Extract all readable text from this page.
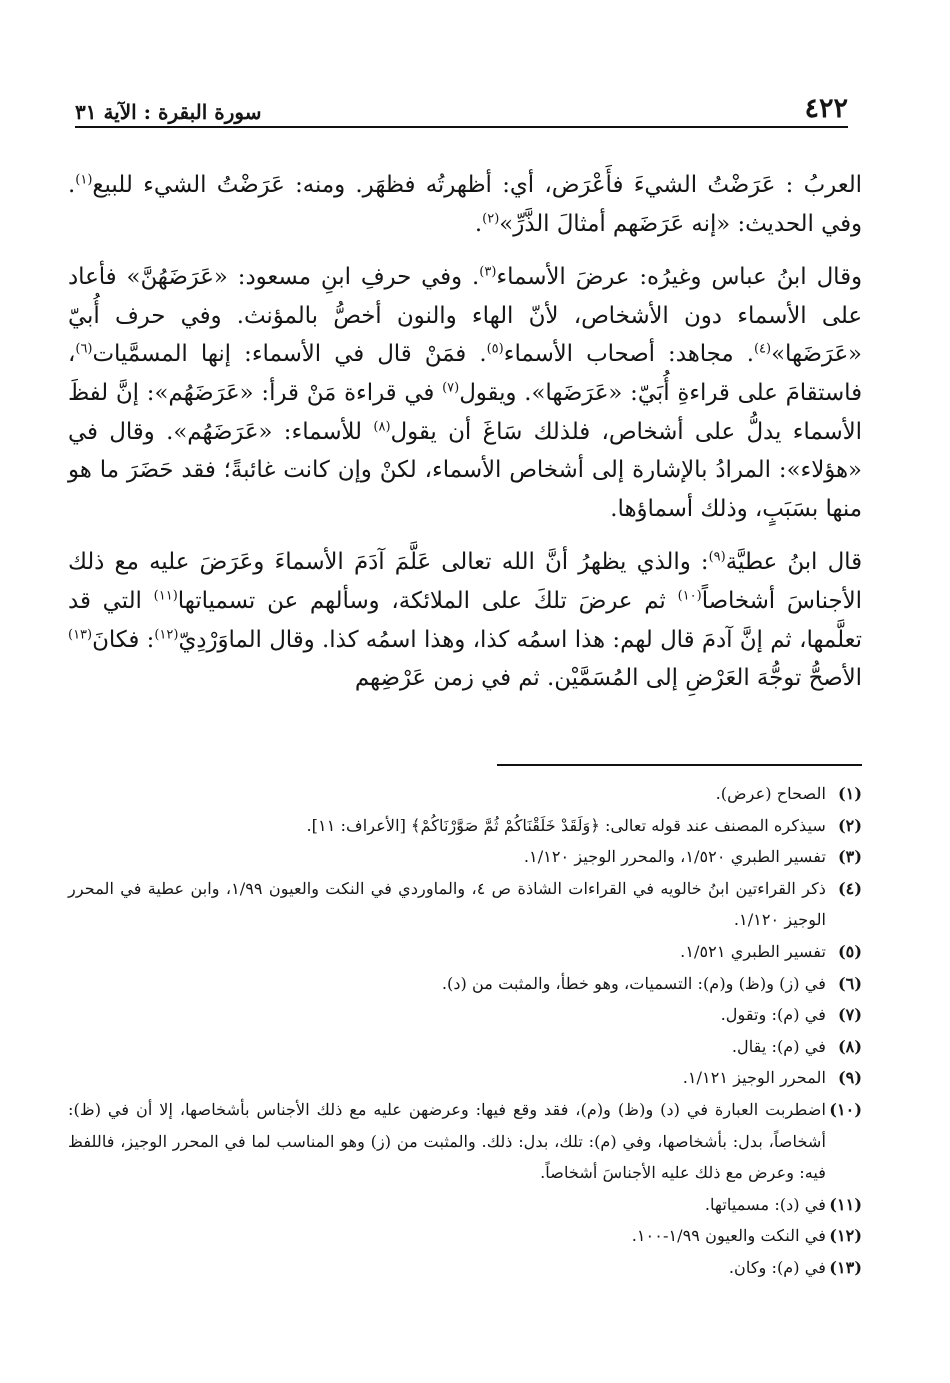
٤٢٢
سورة البقرة : الآية ٣١

العربُ : عَرَضْتُ الشيءَ فأَعْرَض، أي: أظهرتُه فظهَر. ومنه: عَرَضْتُ الشيء للبيع$^{(١)}$. وفي الحديث: «إنه عَرَضَهم أمثالَ الذَّرِّ»$^{(٢)}$.

وقال ابنُ عباس وغيرُه: عرضَ الأسماء$^{(٣)}$. وفي حرفِ ابنِ مسعود: «عَرَضَهُنَّ» فأعاد على الأسماء دون الأشخاص، لأنّ الهاء والنون أخصُّ بالمؤنث. وفي حرف أُبيّ «عَرَضَها»$^{(٤)}$. مجاهد: أصحاب الأسماء$^{(٥)}$. فمَنْ قال في الأسماء: إنها المسمَّيات$^{(٦)}$، فاستقامَ على قراءةِ أُبَيّ: «عَرَضَها». ويقول$^{(٧)}$ في قراءة مَنْ قرأ: «عَرَضَهُم»: إنَّ لفظَ الأسماء يدلُّ على أشخاص، فلذلك سَاغَ أن يقول$^{(٨)}$ للأسماء: «عَرَضَهُم». وقال في «هؤلاء»: المرادُ بالإشارة إلى أشخاص الأسماء، لكنْ وإن كانت غائبةً؛ فقد حَضَرَ ما هو منها بسَبَبٍ، وذلك أسماؤها.

قال ابنُ عطيَّة$^{(٩)}$: والذي يظهرُ أنَّ الله تعالى عَلَّمَ آدَمَ الأسماءَ وعَرَضَ عليه مع ذلك الأجناسَ أشخاصاً$^{(١٠)}$ ثم عرضَ تلكَ على الملائكة، وسألهم عن تسمياتها$^{(١١)}$ التي قد تعلَّمها، ثم إنَّ آدمَ قال لهم: هذا اسمُه كذا، وهذا اسمُه كذا. وقال الماوَرْدِيّ$^{(١٢)}$: فكانَ$^{(١٣)}$ الأصحُّ توجُّهَ العَرْضِ إلى المُسَمَّيْن. ثم في زمن عَرْضِهم

(١)
الصحاح (عرض).
(٢)
سيذكره المصنف عند قوله تعالى: ﴿وَلَقَدْ خَلَقْنَاكُمْ ثُمَّ صَوَّرْنَاكُمْ﴾ [الأعراف: ١١].
(٣)
تفسير الطبري ١/٥٢٠، والمحرر الوجيز ١/١٢٠.
(٤)
ذكر القراءتين ابنُ خالويه في القراءات الشاذة ص ٤، والماوردي في النكت والعيون ١/٩٩، وابن عطية في المحرر الوجيز ١/١٢٠.
(٥)
تفسير الطبري ١/٥٢١.
(٦)
في (ز) و(ظ) و(م): التسميات، وهو خطأ، والمثبت من (د).
(٧)
في (م): وتقول.
(٨)
في (م): يقال.
(٩)
المحرر الوجيز ١/١٢١.
(١٠)
اضطربت العبارة في (د) و(ظ) و(م)، فقد وقع فيها: وعرضهن عليه مع ذلك الأجناس بأشخاصها، إلا أن في (ظ): أشخاصاً، بدل: بأشخاصها، وفي (م): تلك، بدل: ذلك. والمثبت من (ز) وهو المناسب لما في المحرر الوجيز، فاللفظ فيه: وعرض مع ذلك عليه الأجناسَ أشخاصاً.
(١١)
في (د): مسمياتها.
(١٢)
في النكت والعيون ١/٩٩-١٠٠.
(١٣)
في (م): وكان.
